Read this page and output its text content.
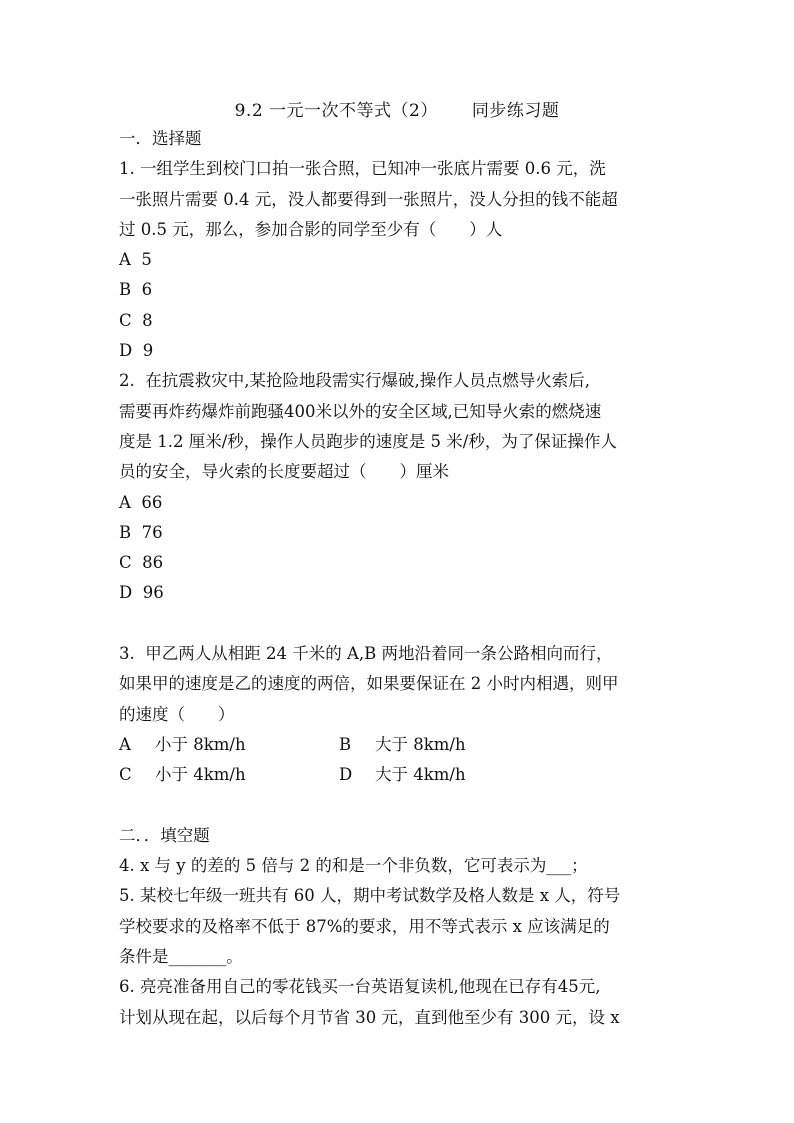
9.2 一元一次不等式（2） 同步练习题
一．选择题
1. 一组学生到校门口拍一张合照，已知冲一张底片需要 0.6 元，洗
一张照片需要 0.4 元，没人都要得到一张照片，没人分担的钱不能超
过 0.5 元，那么，参加合影的同学至少有（　　）人
A  5
B  6
C  8
D  9
2.  在抗震救灾中,某抢险地段需实行爆破,操作人员点燃导火索后,
需要再炸药爆炸前跑骚400米以外的安全区域,已知导火索的燃烧速
度是 1.2 厘米/秒，操作人员跑步的速度是 5 米/秒，为了保证操作人
员的安全，导火索的长度要超过（　　）厘米
A  66
B  76
C  86
D  96
3.  甲乙两人从相距 24 千米的 A,B 两地沿着同一条公路相向而行，
如果甲的速度是乙的速度的两倍，如果要保证在 2 小时内相遇，则甲
的速度（　　）
A 小于 8km/h	B 大于 8km/h
C 小于 4km/h	D 大于 4km/h
二．．填空题
4. x 与 y 的差的 5 倍与 2 的和是一个非负数，它可表示为___；
5. 某校七年级一班共有 60 人，期中考试数学及格人数是 x 人，符号
学校要求的及格率不低于 87%的要求，用不等式表示 x 应该满足的
条件是_______。
6. 亮亮准备用自己的零花钱买一台英语复读机,他现在已存有45元,
计划从现在起，以后每个月节省 30 元，直到他至少有 300 元，设 x
